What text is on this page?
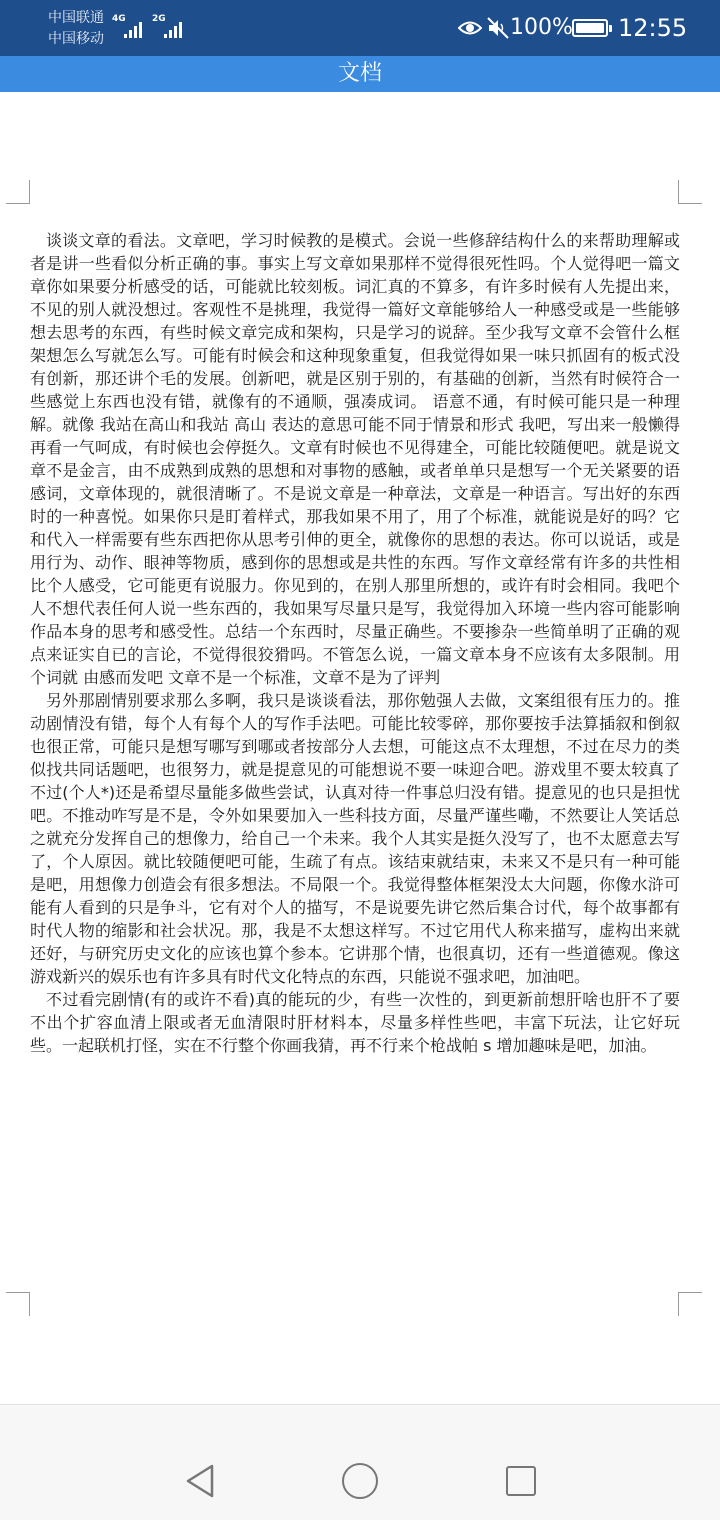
中国联通
中国移动
4G	2G	100% 12:55
文档

谈谈文章的看法。文章吧，学习时候教的是模式。会说一些修辞结构什么的来帮助理解或者是讲一些看似分析正确的事。事实上写文章如果那样不觉得很死性吗。个人觉得吧一篇文章你如果要分析感受的话，可能就比较刻板。词汇真的不算多，有许多时候有人先提出来，不见的别人就没想过。客观性不是挑理，我觉得一篇好文章能够给人一种感受或是一些能够想去思考的东西，有些时候文章完成和架构，只是学习的说辞。至少我写文章不会管什么框架想怎么写就怎么写。可能有时候会和这种现象重复，但我觉得如果一味只抓固有的板式没有创新，那还讲个毛的发展。创新吧，就是区别于别的，有基础的创新，当然有时候符合一些感觉上东西也没有错，就像有的不通顺，强凑成词。 语意不通，有时候可能只是一种理解。就像 我站在高山和我站 高山 表达的意思可能不同于情景和形式 我吧，写出来一般懒得再看一气呵成，有时候也会停挺久。文章有时候也不见得建全，可能比较随便吧。就是说文章不是金言，由不成熟到成熟的思想和对事物的感触，或者单单只是想写一个无关紧要的语感词，文章体现的，就很清晰了。不是说文章是一种章法，文章是一种语言。写出好的东西时的一种喜悦。如果你只是盯着样式，那我如果不用了，用了个标准，就能说是好的吗？它和代入一样需要有些东西把你从思考引伸的更全，就像你的思想的表达。你可以说话，或是用行为、动作、眼神等物质，感到你的思想或是共性的东西。写作文章经常有许多的共性相比个人感受，它可能更有说服力。你见到的，在别人那里所想的，或许有时会相同。我吧个人不想代表任何人说一些东西的，我如果写尽量只是写，我觉得加入环境一些内容可能影响作品本身的思考和感受性。总结一个东西时，尽量正确些。不要掺杂一些简单明了正确的观点来证实自已的言论，不觉得很狡猾吗。不管怎么说，一篇文章本身不应该有太多限制。用个词就 由感而发吧 文章不是一个标准，文章不是为了评判

另外那剧情别要求那么多啊，我只是谈谈看法，那你勉强人去做，文案组很有压力的。推动剧情没有错，每个人有每个人的写作手法吧。可能比较零碎，那你要按手法算插叙和倒叙也很正常，可能只是想写哪写到哪或者按部分人去想，可能这点不太理想，不过在尽力的类似找共同话题吧，也很努力，就是提意见的可能想说不要一味迎合吧。游戏里不要太较真了不过(个人*)还是希望尽量能多做些尝试，认真对待一件事总归没有错。提意见的也只是担忧吧。不推动咋写是不是，令外如果要加入一些科技方面，尽量严谨些嘞，不然要让人笑话总之就充分发挥自己的想像力，给自己一个未来。我个人其实是挺久没写了，也不太愿意去写了，个人原因。就比较随便吧可能，生疏了有点。该结束就结束，未来又不是只有一种可能是吧，用想像力创造会有很多想法。不局限一个。我觉得整体框架没太大问题，你像水浒可能有人看到的只是争斗，它有对个人的描写，不是说要先讲它然后集合讨代，每个故事都有时代人物的缩影和社会状况。那，我是不太想这样写。不过它用代人称来描写，虚构出来就还好，与研究历史文化的应该也算个参本。它讲那个情，也很真切，还有一些道德观。像这游戏新兴的娱乐也有许多具有时代文化特点的东西，只能说不强求吧，加油吧。

不过看完剧情(有的或许不看)真的能玩的少，有些一次性的，到更新前想肝啥也肝不了要不出个扩容血清上限或者无血清限时肝材料本，尽量多样性些吧，丰富下玩法，让它好玩些。一起联机打怪，实在不行整个你画我猜，再不行来个枪战帕 s 增加趣味是吧，加油。
